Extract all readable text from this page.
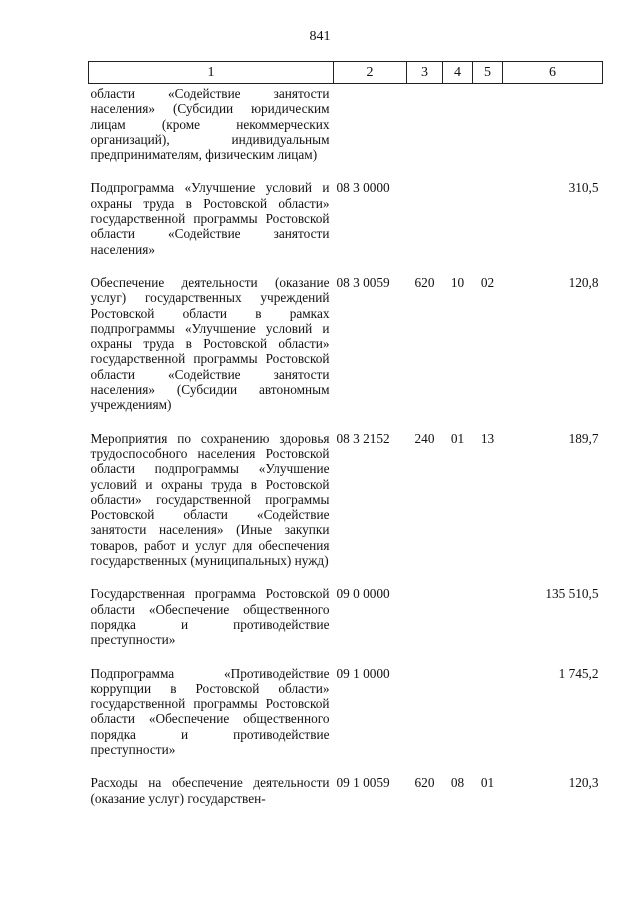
841
1	2	3	4	5	6
области «Содействие занятости населения» (Субсидии юридическим лицам (кроме некоммерческих организаций), индивидуальным предпринимателям, физическим лицам)					
Подпрограмма «Улучшение условий и охраны труда в Ростовской области» государственной программы Ростовской области «Содействие занятости населения»	08 3 0000				310,5
Обеспечение деятельности (оказание услуг) государственных учреждений Ростовской области в рамках подпрограммы «Улучшение условий и охраны труда в Ростовской области» государственной программы Ростовской области «Содействие занятости населения» (Субсидии автономным учреждениям)	08 3 0059	620	10	02	120,8
Мероприятия по сохранению здоровья трудоспособного населения Ростовской области подпрограммы «Улучшение условий и охраны труда в Ростовской области» государственной программы Ростовской области «Содействие занятости населения» (Иные закупки товаров, работ и услуг для обеспечения государственных (муниципальных) нужд)	08 3 2152	240	01	13	189,7
Государственная программа Ростовской области «Обеспечение общественного порядка и противодействие преступности»	09 0 0000				135 510,5
Подпрограмма «Противодействие коррупции в Ростовской области» государственной программы Ростовской области «Обеспечение общественного порядка и противодействие преступности»	09 1 0000				1 745,2
Расходы на обеспечение деятельности (оказание услуг) государствен-	09 1 0059	620	08	01	120,3
